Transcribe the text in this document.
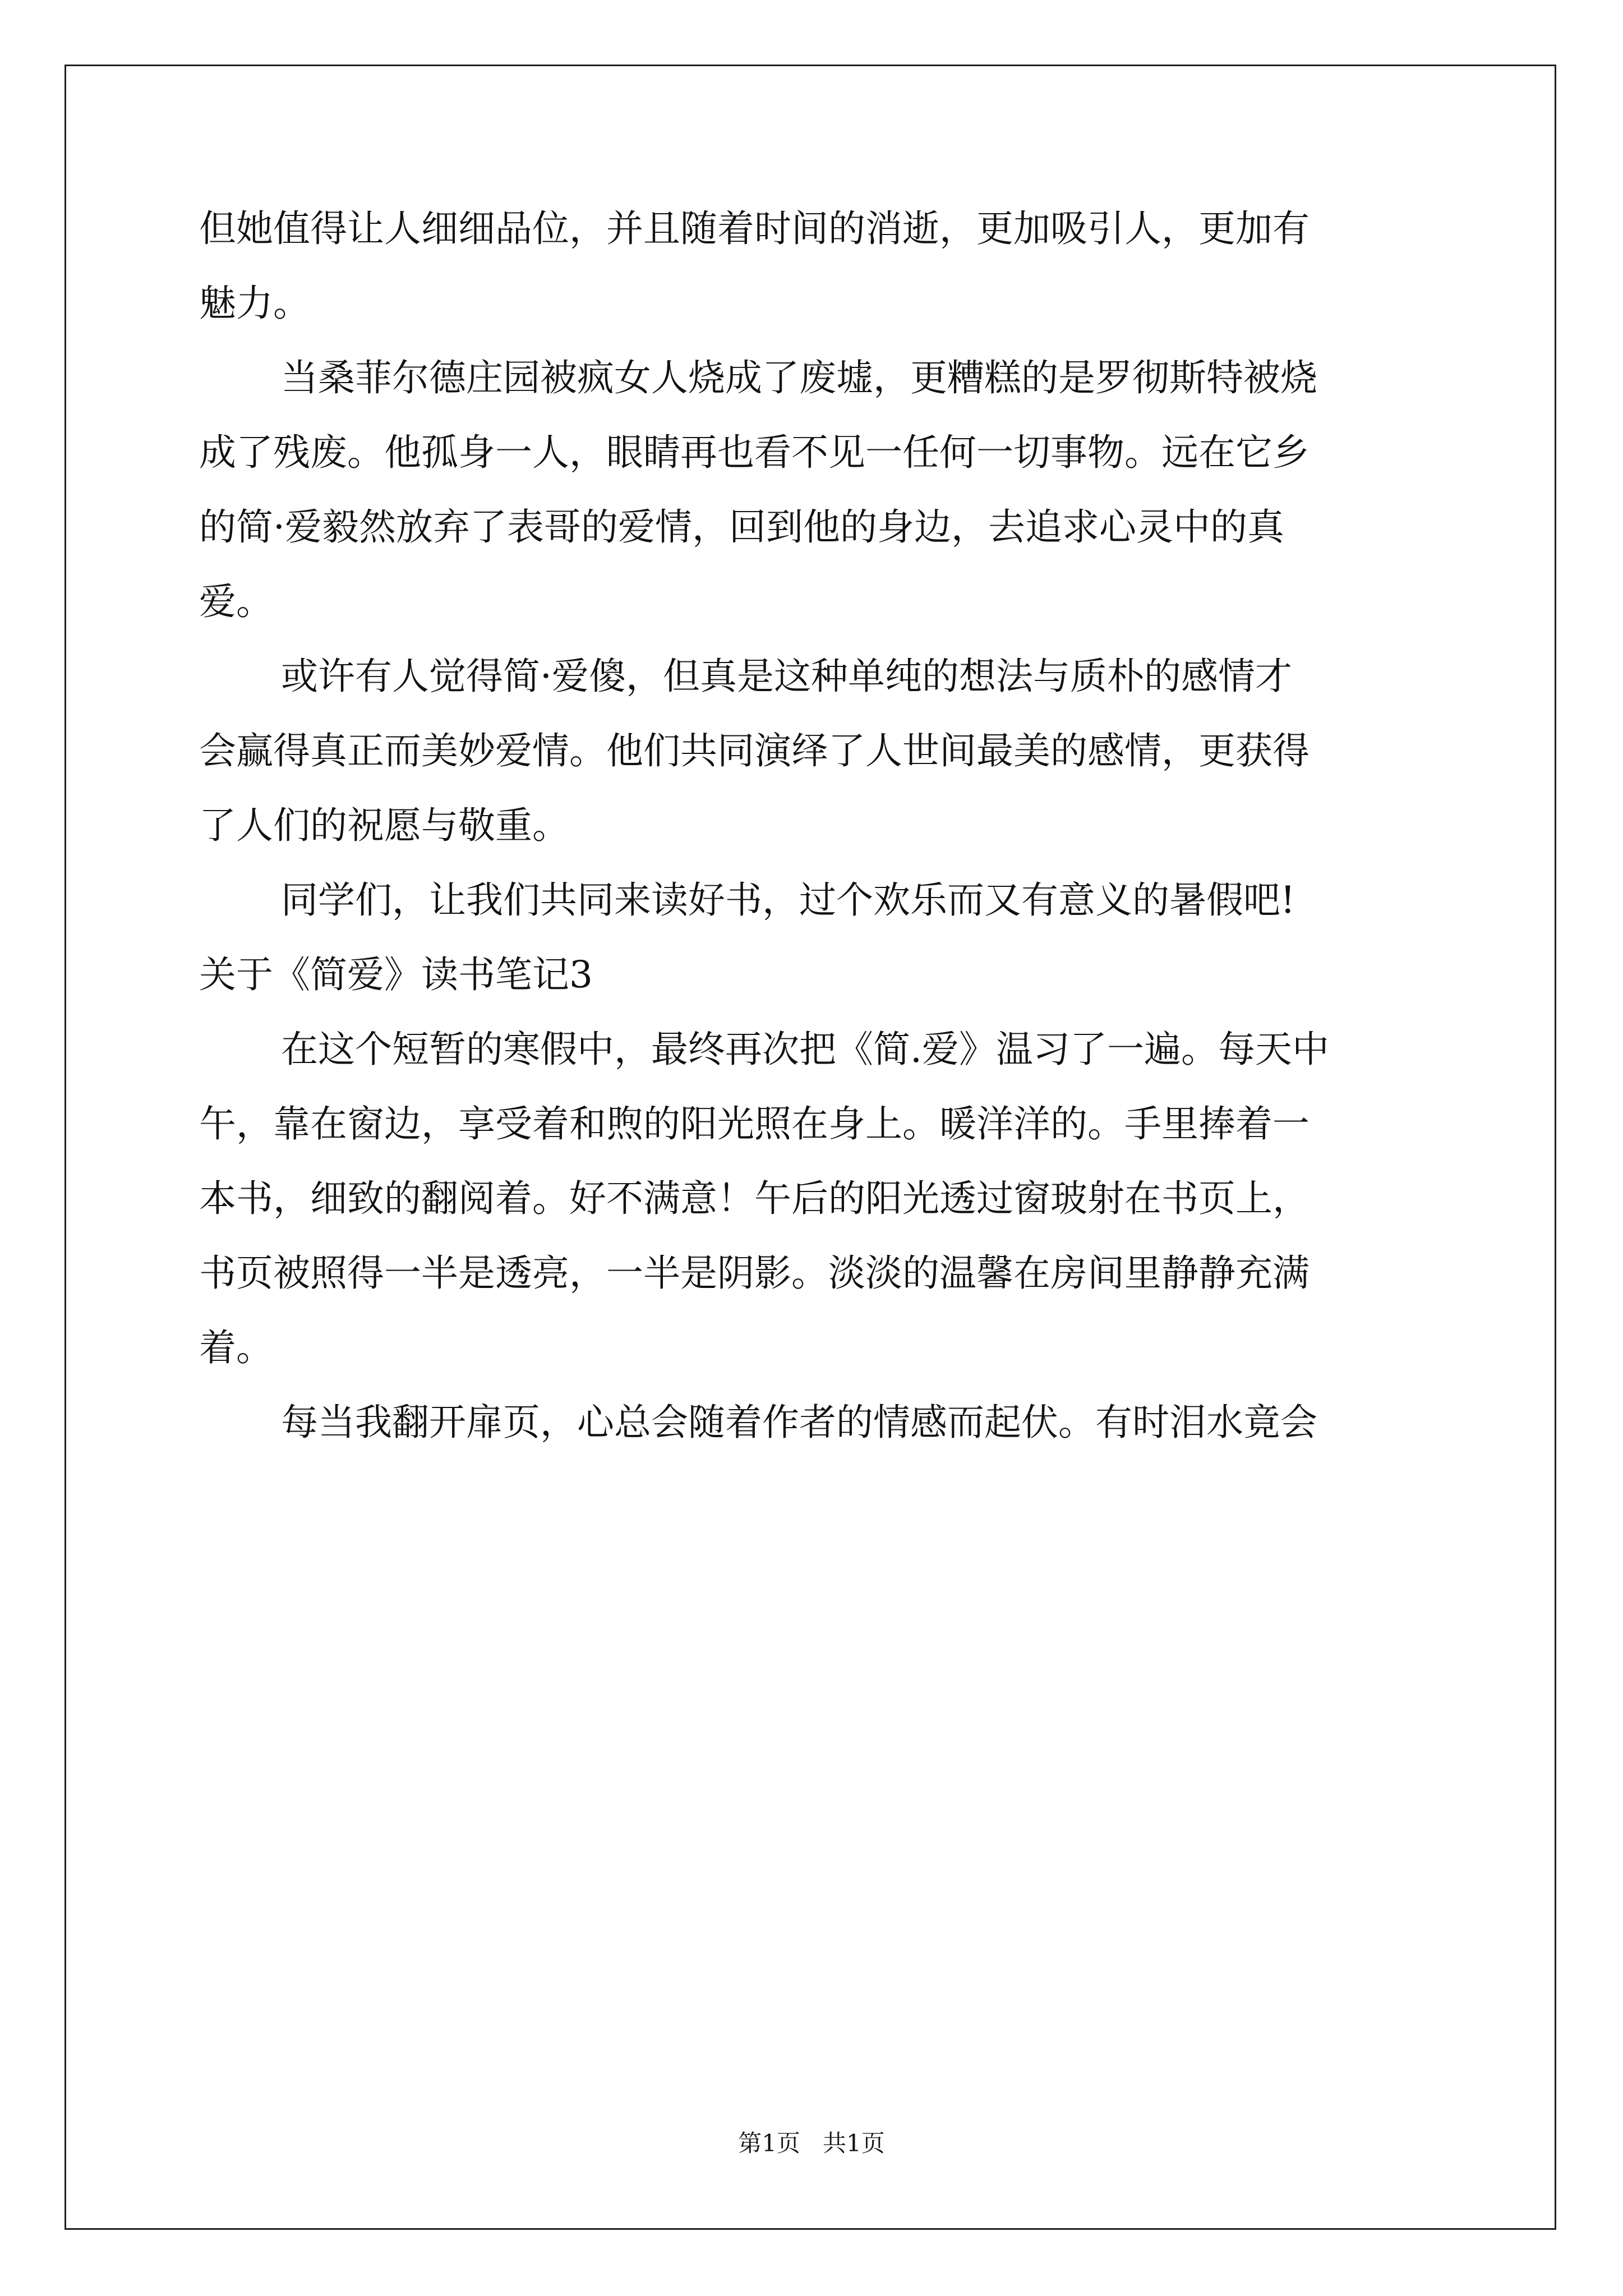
但她值得让人细细品位，并且随着时间的消逝，更加吸引人，更加有
魅力。
当桑菲尔德庄园被疯女人烧成了废墟，更糟糕的是罗彻斯特被烧
成了残废。他孤身一人，眼睛再也看不见一任何一切事物。远在它乡
的简·爱毅然放弃了表哥的爱情，回到他的身边，去追求心灵中的真
爱。
或许有人觉得简·爱傻，但真是这种单纯的想法与质朴的感情才
会赢得真正而美妙爱情。他们共同演绎了人世间最美的感情，更获得
了人们的祝愿与敬重。
同学们，让我们共同来读好书，过个欢乐而又有意义的暑假吧!
关于《简爱》读书笔记3
在这个短暂的寒假中，最终再次把《简.爱》温习了一遍。每天中
午，靠在窗边，享受着和煦的阳光照在身上。暖洋洋的。手里捧着一
本书，细致的翻阅着。好不满意！午后的阳光透过窗玻射在书页上，
书页被照得一半是透亮，一半是阴影。淡淡的温馨在房间里静静充满
着。
每当我翻开扉页，心总会随着作者的情感而起伏。有时泪水竟会
第1页 共1页
